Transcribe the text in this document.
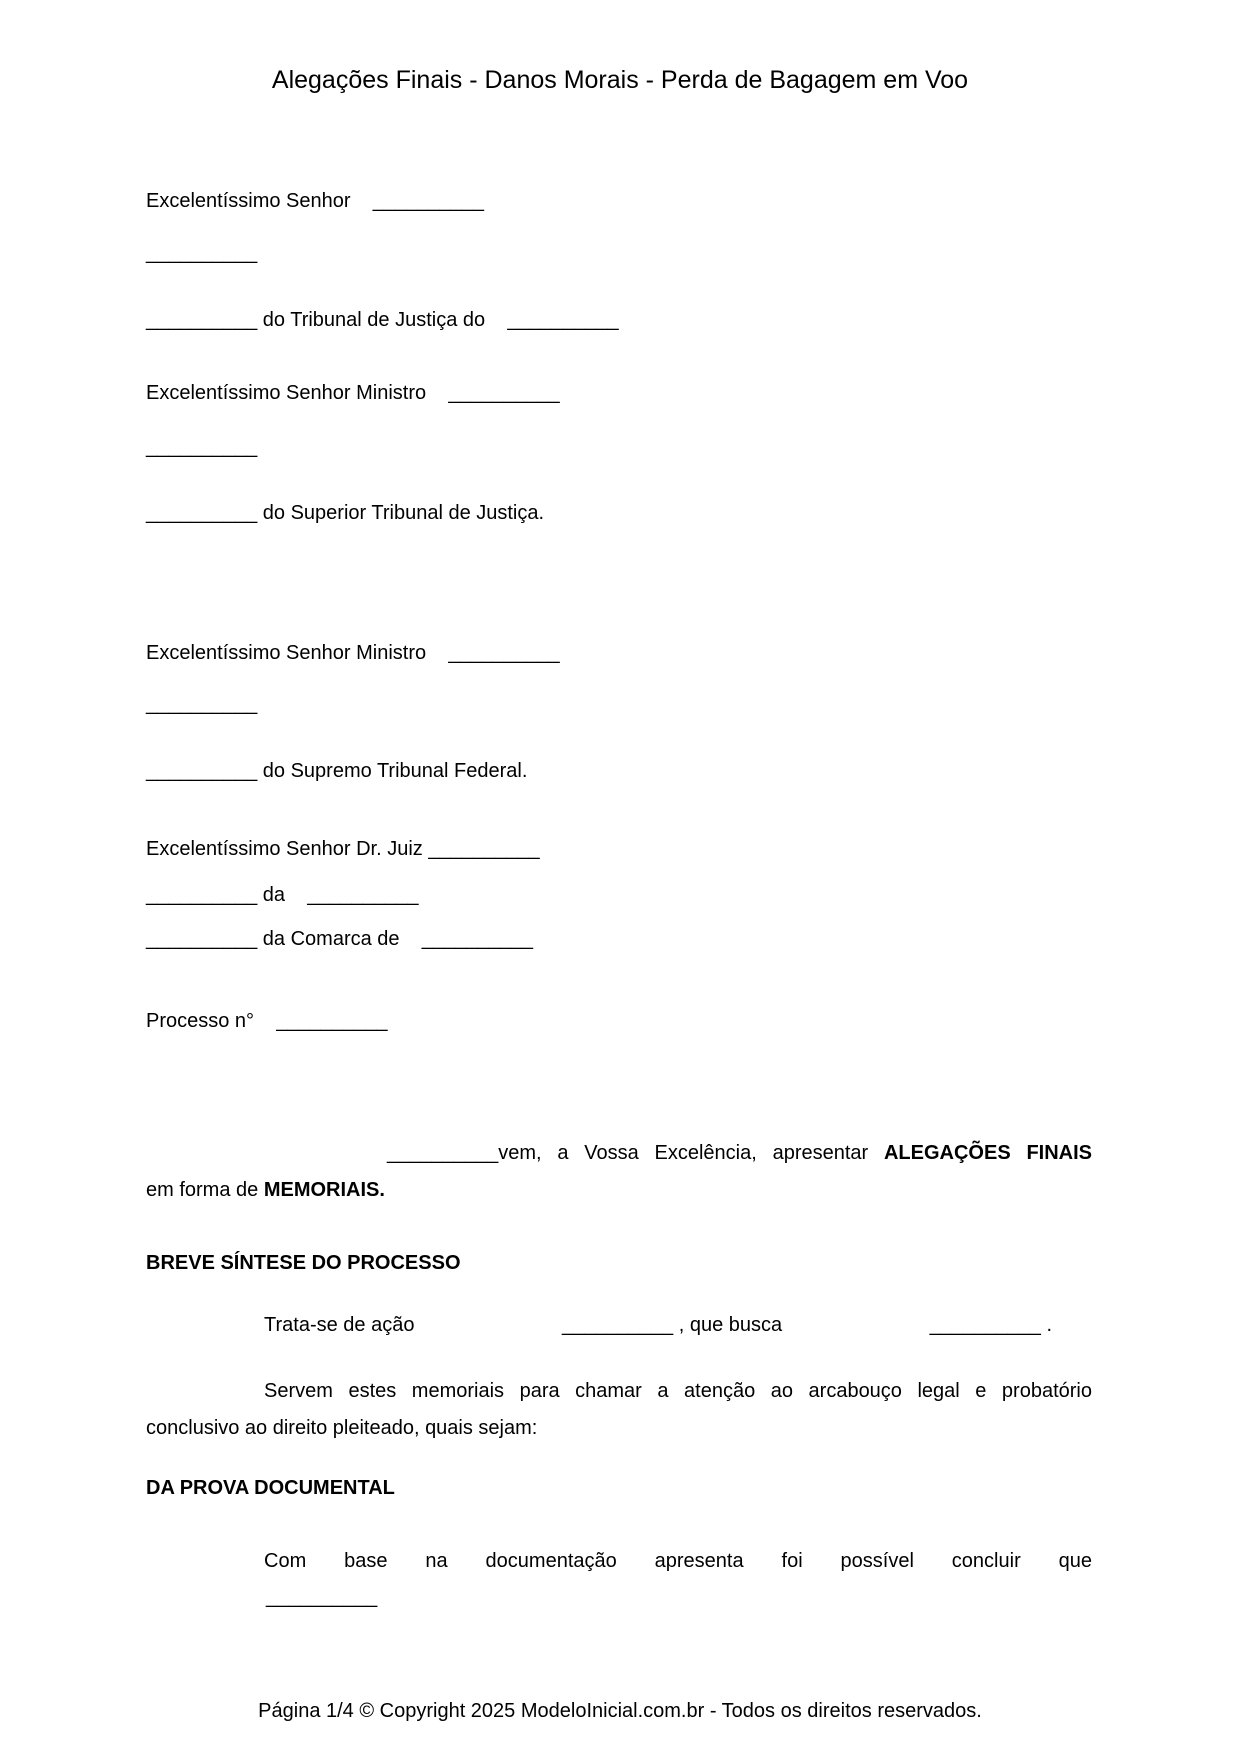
Alegações Finais - Danos Morais - Perda de Bagagem em Voo
Excelentíssimo Senhor    __________
__________
__________ do Tribunal de Justiça do    __________
Excelentíssimo Senhor Ministro    __________
__________
__________ do Superior Tribunal de Justiça.
Excelentíssimo Senhor Ministro    __________
__________
__________ do Supremo Tribunal Federal.
Excelentíssimo Senhor Dr. Juiz __________
__________ da    __________
__________ da Comarca de    __________
Processo n°    __________
__________vem, a Vossa Excelência, apresentar ALEGAÇÕES FINAIS
em forma de MEMORIAIS.
BREVE SÍNTESE DO PROCESSO
Trata-se de ação	__________ , que busca	__________ .
Servem estes memoriais para chamar a atenção ao arcabouço legal e probatório
conclusivo ao direito pleiteado, quais sejam:
DA PROVA DOCUMENTAL
Com base na documentação apresenta foi possível concluir que
__________
Página 1/4 © Copyright 2025 ModeloInicial.com.br - Todos os direitos reservados.
